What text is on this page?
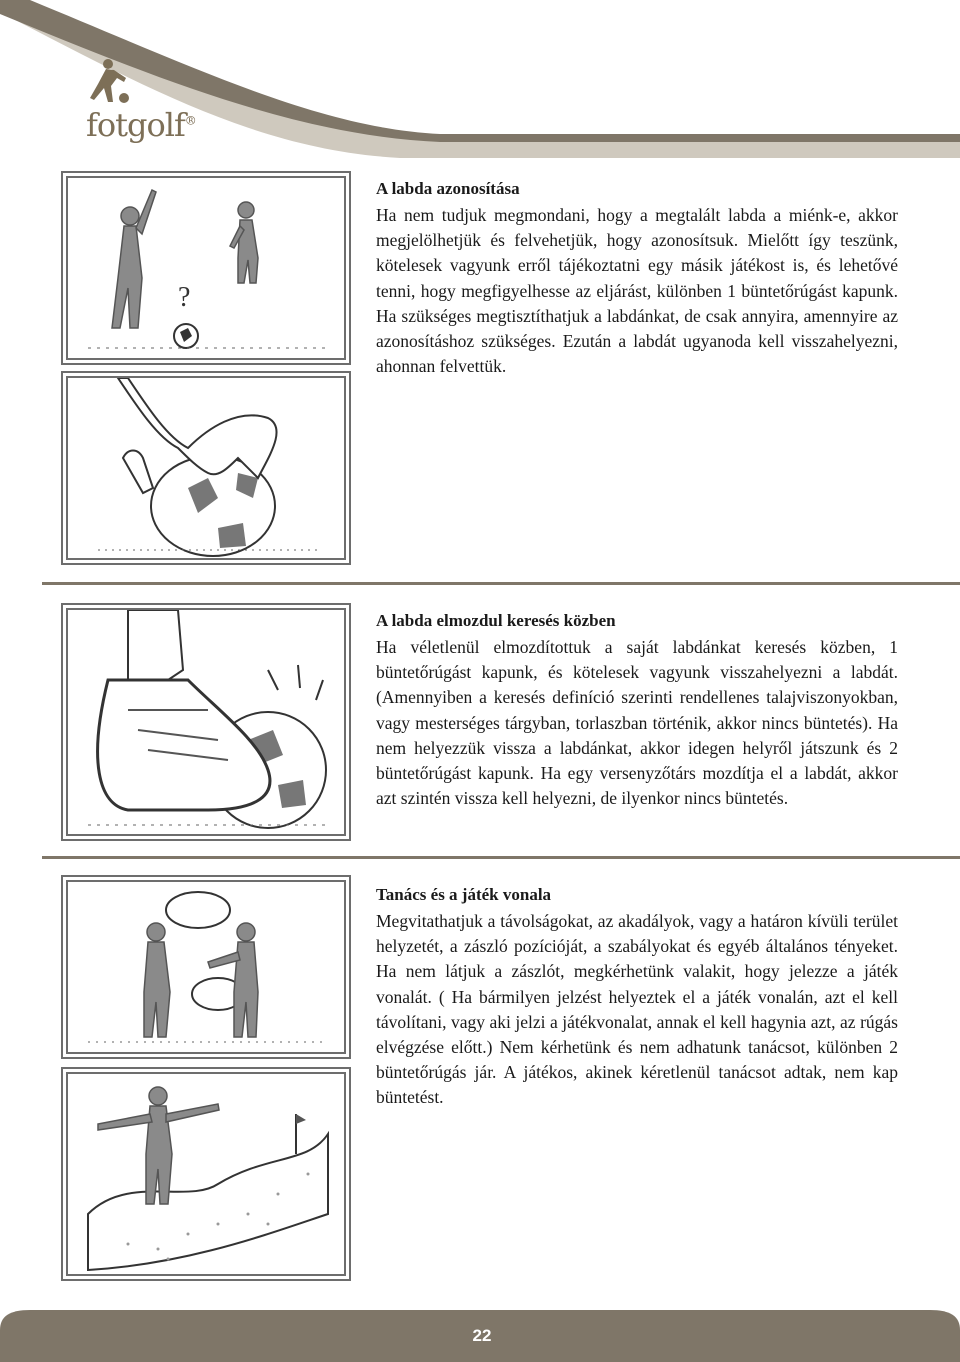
fotgolf®
?
A labda azonosítása

Ha nem tudjuk megmondani, hogy a megtalált labda a miénk-e, akkor megjelölhetjük és felvehetjük, hogy azonosítsuk. Mielőtt így teszünk, kötelesek vagyunk erről tájékoztatni egy másik játékost is, és lehetővé tenni, hogy megfigyelhesse az eljárást, különben 1 büntetőrúgást kapunk. Ha szükséges megtisztíthatjuk a labdánkat, de csak annyira, amennyire az azonosításhoz szükséges. Ezután a labdát ugyanoda kell visszahelyezni, ahonnan felvettük.

A labda elmozdul keresés közben

Ha véletlenül elmozdítottuk a saját labdánkat keresés közben, 1 büntetőrúgást kapunk, és kötelesek vagyunk visszahelyezni a labdát. (Amennyiben a keresés definíció szerinti rendellenes talajviszonyokban, vagy mesterséges tárgyban, torlaszban történik, akkor nincs büntetés). Ha nem helyezzük vissza a labdánkat, akkor idegen helyről játszunk és 2 büntetőrúgást kapunk. Ha egy versenyzőtárs mozdítja el a labdát, akkor azt szintén vissza kell helyezni, de ilyenkor nincs büntetés.

Tanács és a játék vonala

Megvitathatjuk a távolságokat, az akadályok, vagy a határon kívüli terület helyzetét, a zászló pozícióját, a szabályokat és egyéb általános tényeket. Ha nem látjuk a zászlót, megkérhetünk valakit, hogy jelezze a játék vonalát. ( Ha bármilyen jelzést helyeztek el a játék vonalán, azt el kell távolítani, vagy aki jelzi a játékvonalat, annak el kell hagynia azt, az rúgás elvégzése előtt.) Nem kérhetünk és nem adhatunk tanácsot, különben 2 büntetőrúgás jár. A játékos, akinek kéretlenül tanácsot adtak, nem kap büntetést.

22
